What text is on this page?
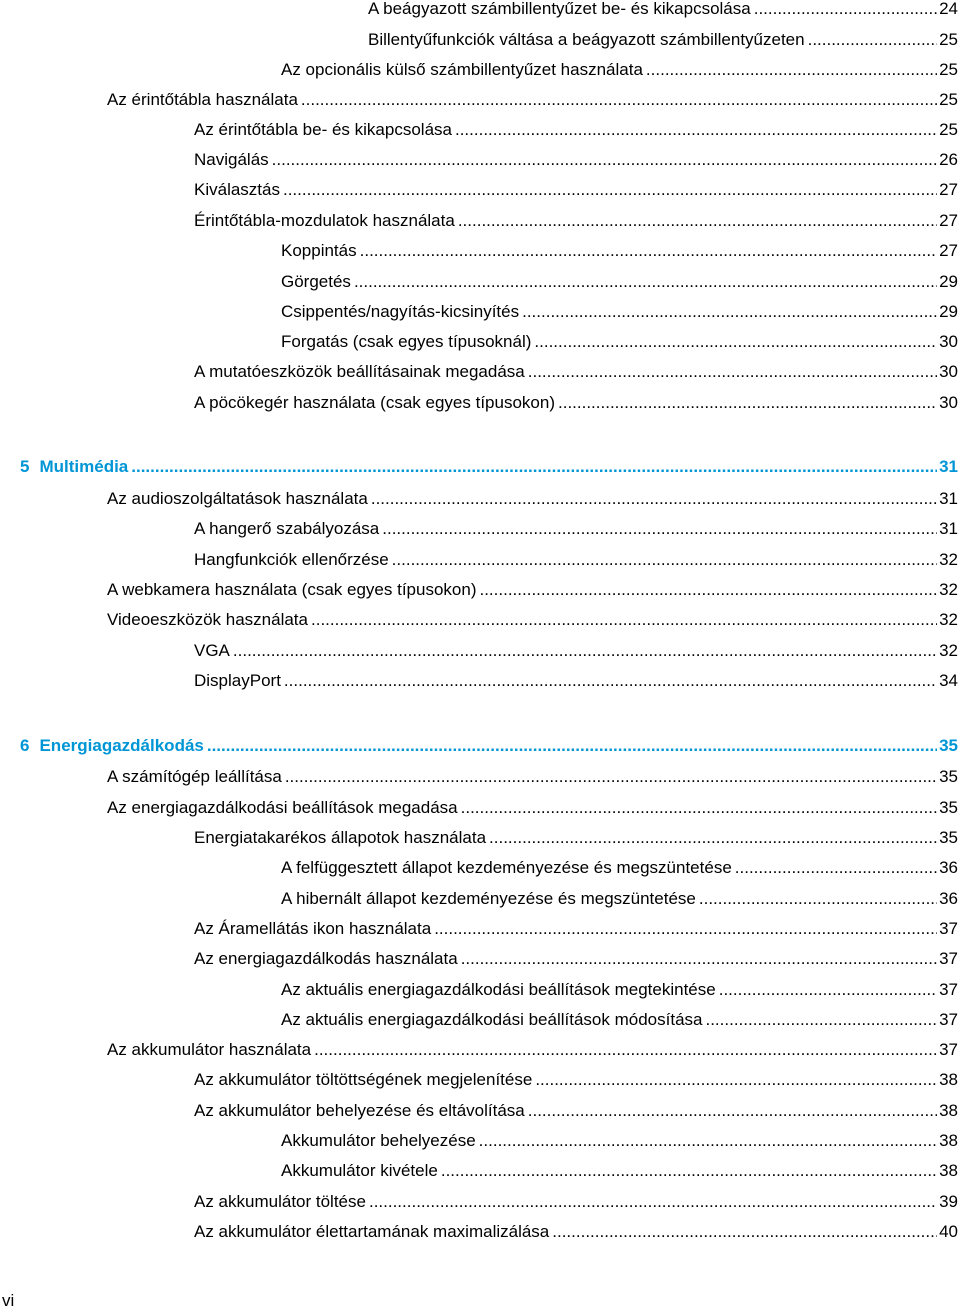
A beágyazott számbillentyűzet be- és kikapcsolása .....	24
Billentyűfunkciók váltása a beágyazott számbillentyűzeten .....	25
Az opcionális külső számbillentyűzet használata .....	25
Az érintőtábla használata .....	25
Az érintőtábla be- és kikapcsolása .....	25
Navigálás .....	26
Kiválasztás .....	27
Érintőtábla-mozdulatok használata .....	27
Koppintás .....	27
Görgetés .....	29
Csippentés/nagyítás-kicsinyítés .....	29
Forgatás (csak egyes típusoknál) .....	30
A mutatóeszközök beállításainak megadása .....	30
A pöcökegér használata (csak egyes típusokon) .....	30
5 Multimédia .....	31
Az audioszolgáltatások használata .....	31
A hangerő szabályozása .....	31
Hangfunkciók ellenőrzése .....	32
A webkamera használata (csak egyes típusokon) .....	32
Videoeszközök használata .....	32
VGA .....	32
DisplayPort .....	34
6 Energiagazdálkodás .....	35
A számítógép leállítása .....	35
Az energiagazdálkodási beállítások megadása .....	35
Energiatakarékos állapotok használata .....	35
A felfüggesztett állapot kezdeményezése és megszüntetése .....	36
A hibernált állapot kezdeményezése és megszüntetése .....	36
Az Áramellátás ikon használata .....	37
Az energiagazdálkodás használata .....	37
Az aktuális energiagazdálkodási beállítások megtekintése .....	37
Az aktuális energiagazdálkodási beállítások módosítása .....	37
Az akkumulátor használata .....	37
Az akkumulátor töltöttségének megjelenítése .....	38
Az akkumulátor behelyezése és eltávolítása .....	38
Akkumulátor behelyezése .....	38
Akkumulátor kivétele .....	38
Az akkumulátor töltése .....	39
Az akkumulátor élettartamának maximalizálása .....	40
vi
